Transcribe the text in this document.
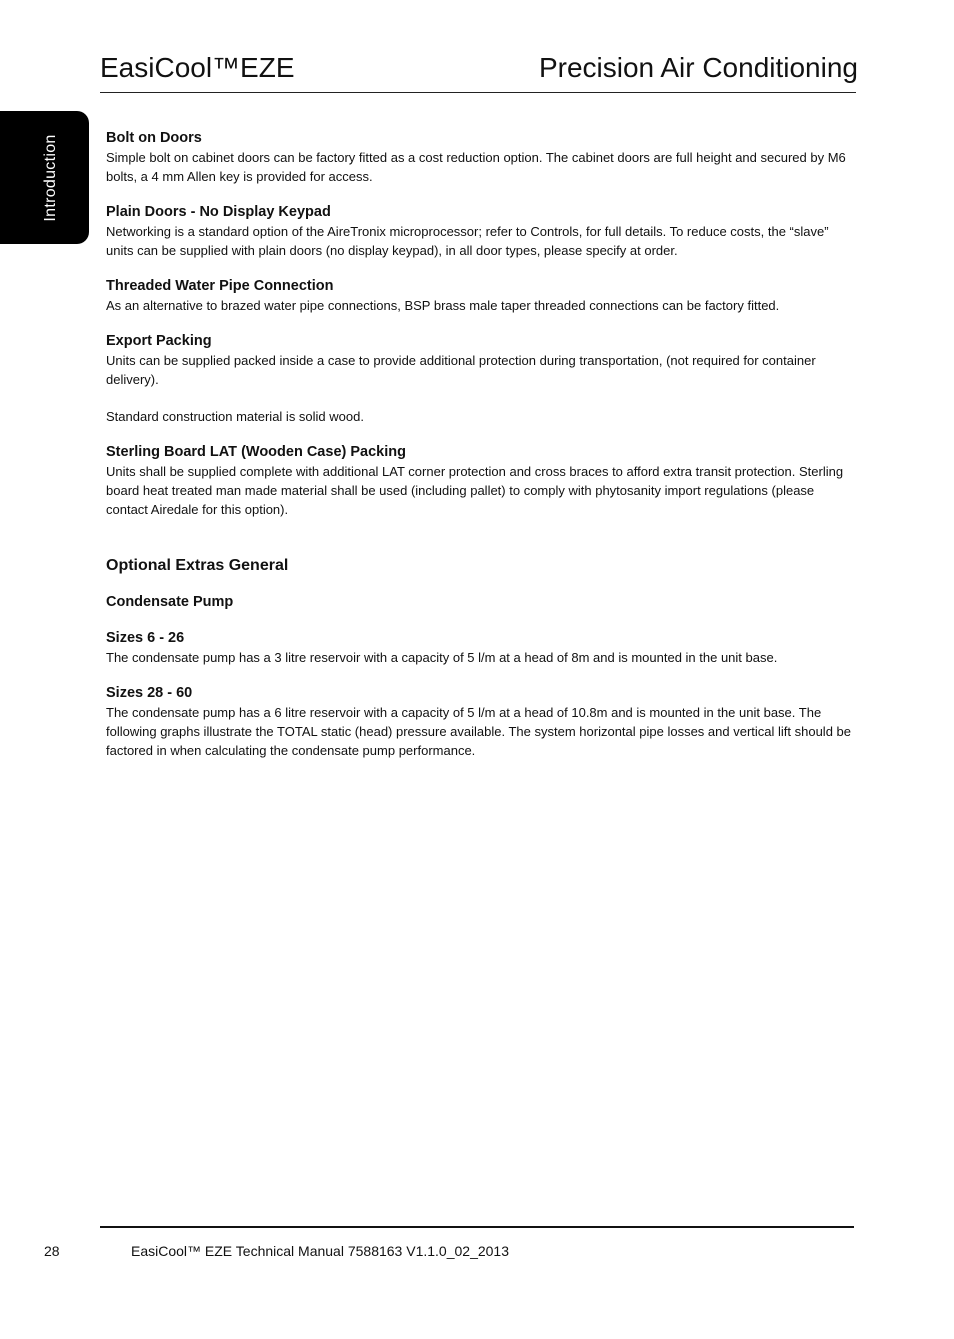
EasiCool™EZE	Precision Air Conditioning
Introduction	Bolt on Doors
Simple bolt on cabinet doors can be factory fitted as a cost reduction option. The cabinet doors are full height and secured by M6 bolts, a 4 mm Allen key is provided for access.
Plain Doors - No Display Keypad
Networking is a standard option of the AireTronix microprocessor; refer to Controls, for full details. To reduce costs, the “slave” units can be supplied with plain doors (no display keypad), in all door types, please specify at order.
Threaded Water Pipe Connection
As an alternative to brazed water pipe connections, BSP brass male taper threaded connections can be factory fitted.
Export Packing
Units can be supplied packed inside a case to provide additional protection during transportation, (not required for container delivery).
Standard construction material is solid wood.
Sterling Board LAT (Wooden Case) Packing
Units shall be supplied complete with additional LAT corner protection and cross braces to afford extra transit protection. Sterling board heat treated man made material shall be used (including pallet) to comply with phytosanity import regulations (please contact Airedale for this option).
Optional Extras General
Condensate Pump
Sizes 6 - 26
The condensate pump has a 3 litre reservoir with a capacity of 5 l/m at a head of 8m and is mounted in the unit base.
Sizes 28 - 60
The condensate pump has a 6 litre reservoir with a capacity of 5 l/m at a head of 10.8m and is mounted in the unit base. The following graphs illustrate the TOTAL static (head) pressure available. The system horizontal pipe losses and vertical lift should be factored in when calculating the condensate pump performance.
28	EasiCool™ EZE Technical Manual 7588163 V1.1.0_02_2013
